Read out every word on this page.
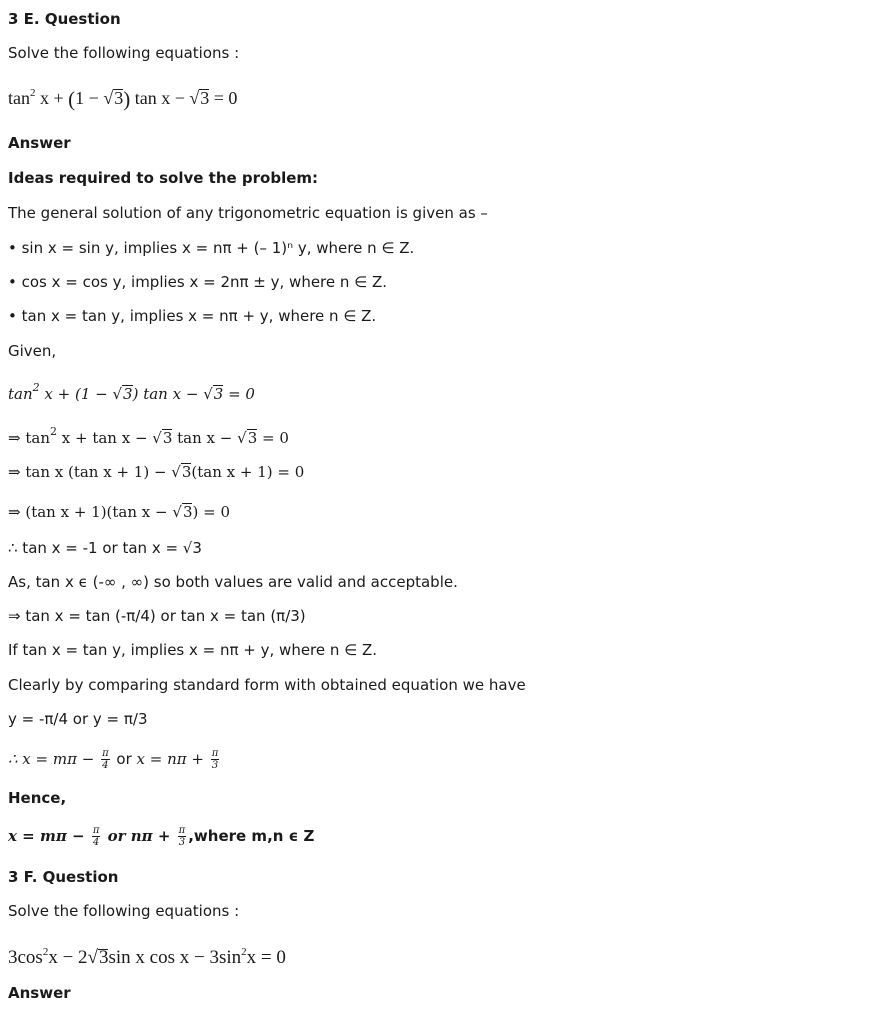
3 E. Question
Solve the following equations :
$\tan^2 x + (1 - √3)$ tan x − √3 = 0
Answer
Ideas required to solve the problem:
The general solution of any trigonometric equation is given as –
• sin x = sin y, implies x = nπ + (– 1)ⁿ y, where n ∈ Z.
• cos x = cos y, implies x = 2nπ ± y, where n ∈ Z.
• tan x = tan y, implies x = nπ + y, where n ∈ Z.
Given,
$\tan^2 x + (1 - √3)$ tan x − √3 = 0
⇒ $\tan^2 x + \tan x - √3$ tan x − √3 = 0
⇒ tan x (tan x + 1) − √3(tan x + 1) = 0
⇒ (tan x + 1)(tan x − √3) = 0
∴ tan x = -1 or tan x = √3
As, tan x ϵ (-∞ , ∞) so both values are valid and acceptable.
⇒ tan x = tan (-π/4) or tan x = tan (π/3)
If tan x = tan y, implies x = nπ + y, where n ∈ Z.
Clearly by comparing standard form with obtained equation we have
y = -π/4 or y = π/3
∴ $x = m\pi - \frac{\pi}{4}$ or $x = n\pi + \frac{\pi}{3}$
Hence,
$x = m\pi - \frac{\pi}{4}$ or $n\pi + \frac{\pi}{3}$ ,where m,n ϵ Z
3 F. Question
Solve the following equations :
$3\cos^2x - 2√3\sin$ x $\cos x - 3\sin^2x = 0$
Answer
